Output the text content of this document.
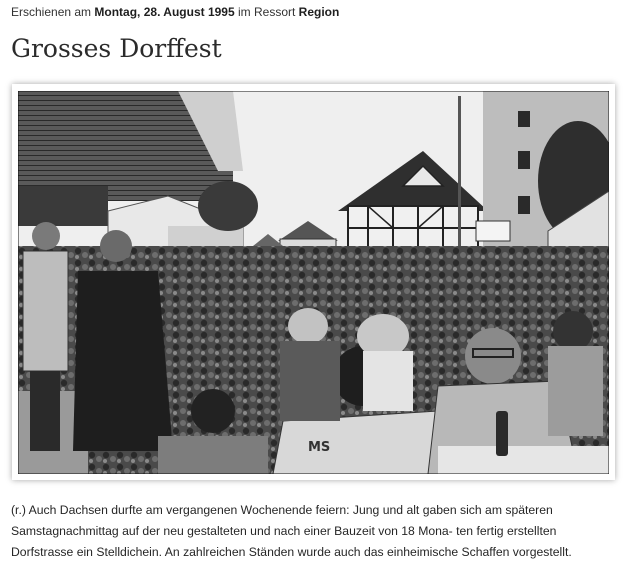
Erschienen am Montag, 28. August 1995 im Ressort Region
Grosses Dorffest
MS
(r.) Auch Dachsen durfte am vergangenen Wochenende feiern: Jung und alt gaben sich am späteren
Samstagnachmittag auf der neu gestalteten und nach einer Bauzeit von 18 Mona- ten fertig erstellten
Dorfstrasse ein Stelldichein. An zahlreichen Ständen wurde auch das einheimische Schaffen vorgestellt.
